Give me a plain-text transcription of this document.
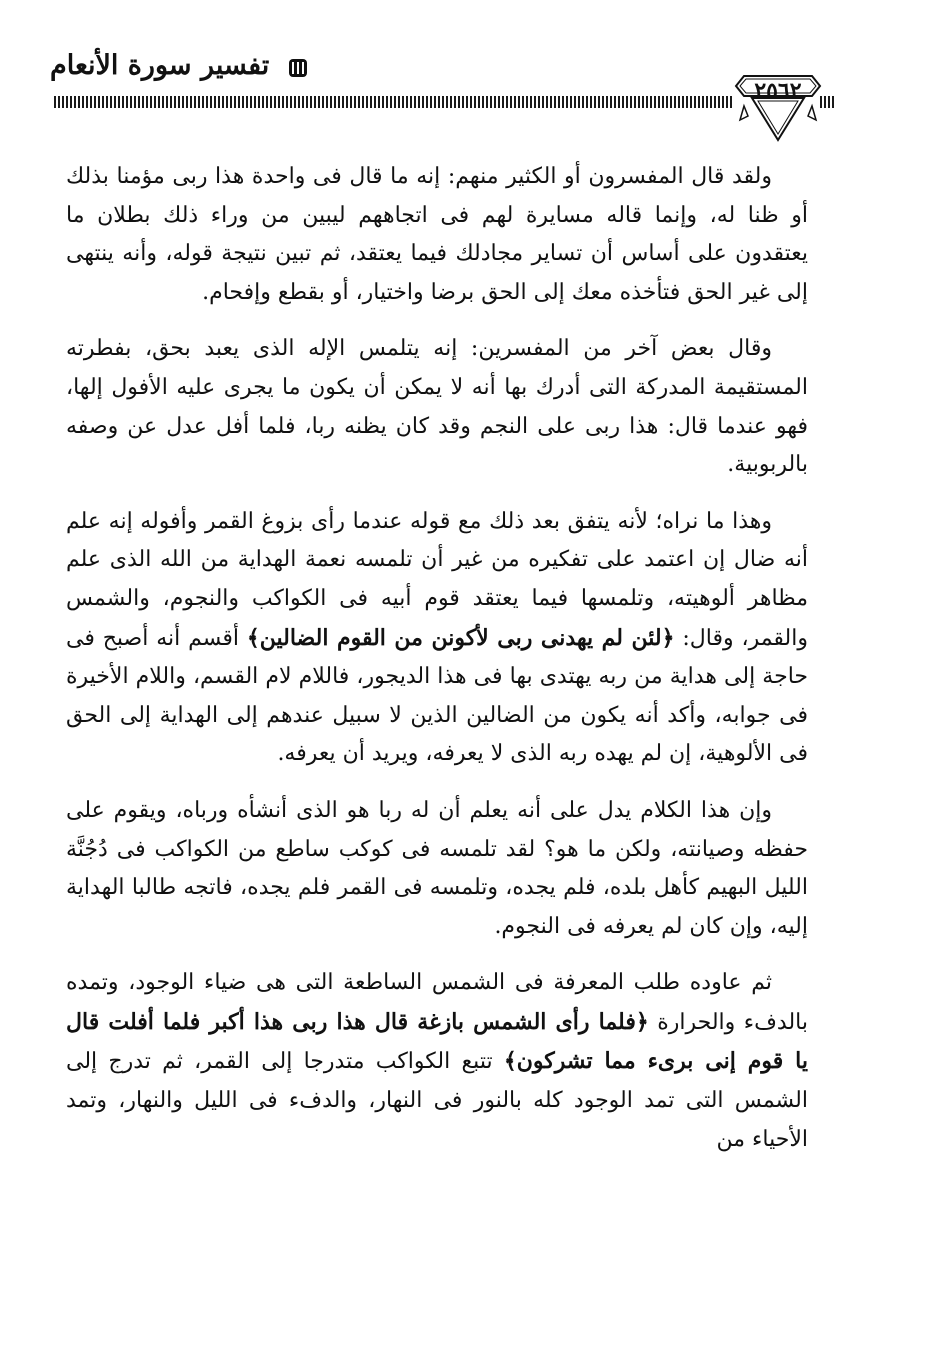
تفسير سورة الأنعام
٢٥٦٢

ولقد قال المفسرون أو الكثير منهم: إنه ما قال فى واحدة هذا ربى مؤمنا بذلك أو ظنا له، وإنما قاله مسايرة لهم فى اتجاههم ليبين من وراء ذلك بطلان ما يعتقدون على أساس أن تساير مجادلك فيما يعتقد، ثم تبين نتيجة قوله، وأنه ينتهى إلى غير الحق فتأخذه معك إلى الحق برضا واختيار، أو بقطع وإفحام.

وقال بعض آخر من المفسرين: إنه يتلمس الإله الذى يعبد بحق، بفطرته المستقيمة المدركة التى أدرك بها أنه لا يمكن أن يكون ما يجرى عليه الأفول إلها، فهو عندما قال: هذا ربى على النجم وقد كان يظنه ربا، فلما أفل عدل عن وصفه بالربوبية.

وهذا ما نراه؛ لأنه يتفق بعد ذلك مع قوله عندما رأى بزوغ القمر وأفوله إنه علم أنه ضال إن اعتمد على تفكيره من غير أن تلمسه نعمة الهداية من الله الذى علم مظاهر ألوهيته، وتلمسها فيما يعتقد قوم أبيه فى الكواكب والنجوم، والشمس والقمر، وقال: ﴿لئن لم يهدنى ربى لأكونن من القوم الضالين﴾ أقسم أنه أصبح فى حاجة إلى هداية من ربه يهتدى بها فى هذا الديجور، فاللام لام القسم، واللام الأخيرة فى جوابه، وأكد أنه يكون من الضالين الذين لا سبيل عندهم إلى الهداية إلى الحق فى الألوهية، إن لم يهده ربه الذى لا يعرفه، ويريد أن يعرفه.

وإن هذا الكلام يدل على أنه يعلم أن له ربا هو الذى أنشأه ورباه، ويقوم على حفظه وصيانته، ولكن ما هو؟ لقد تلمسه فى كوكب ساطع من الكواكب فى دُجُنَّة الليل البهيم كأهل بلده، فلم يجده، وتلمسه فى القمر فلم يجده، فاتجه طالبا الهداية إليه، وإن كان لم يعرفه فى النجوم.

ثم عاوده طلب المعرفة فى الشمس الساطعة التى هى ضياء الوجود، وتمده بالدفء والحرارة ﴿فلما رأى الشمس بازغة قال هذا ربى هذا أكبر فلما أفلت قال يا قوم إنى برىء مما تشركون﴾ تتبع الكواكب متدرجا إلى القمر، ثم تدرج إلى الشمس التى تمد الوجود كله بالنور فى النهار، والدفء فى الليل والنهار، وتمد الأحياء من
